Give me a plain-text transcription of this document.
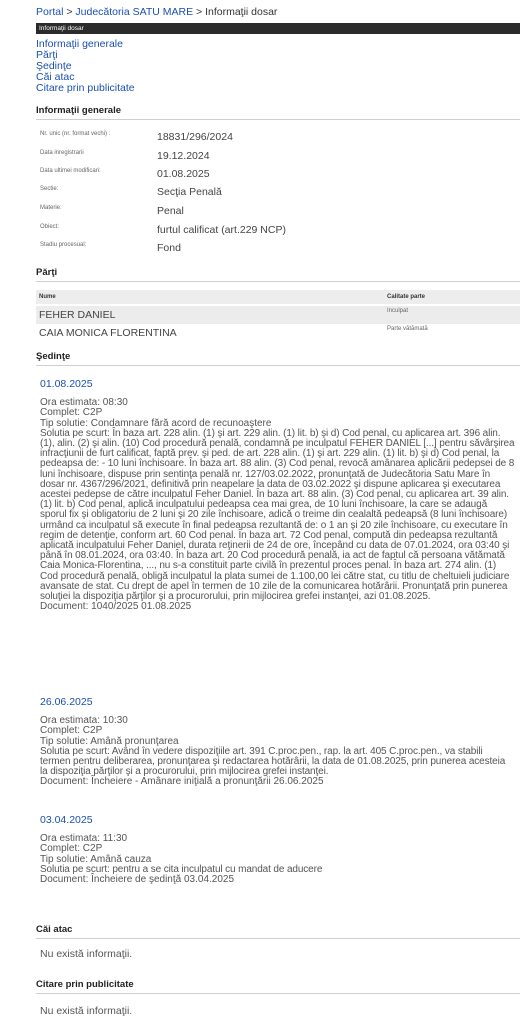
Portal > Judecătoria SATU MARE > Informaţii dosar
Informaţii dosar
Informaţii generale
Părţi
Şedinţe
Căi atac
Citare prin publicitate
Informaţii generale
Nr. unic (nr. format vechi) :	18831/296/2024
Data inregistrarii	19.12.2024
Data ultimei modificari:	01.08.2025
Sectie:	Secţia Penală
Materie:	Penal
Obiect:	furtul calificat (art.229 NCP)
Stadiu procesual:	Fond
Părţi
Nume	Calitate parte
FEHER DANIEL	Inculpat
CAIA MONICA FLORENTINA	Parte vătămată
Şedinţe
01.08.2025
Ora estimata: 08:30
Complet: C2P
Tip solutie: Condamnare fără acord de recunoaştere
Solutia pe scurt: În baza art. 228 alin. (1) şi art. 229 alin. (1) lit. b) şi d) Cod penal, cu aplicarea art. 396 alin. (1), alin. (2) şi alin. (10) Cod procedură penală, condamnă pe inculpatul FEHER DANIEL [...] pentru săvârşirea infracţiunii de furt calificat, faptă prev. şi ped. de art. 228 alin. (1) şi art. 229 alin. (1) lit. b) şi d) Cod penal, la pedeapsa de: - 10 luni închisoare. În baza art. 88 alin. (3) Cod penal, revocă amânarea aplicării pedepsei de 8 luni închisoare, dispuse prin sentinţa penală nr. 127/03.02.2022, pronunţată de Judecătoria Satu Mare în dosar nr. 4367/296/2021, definitivă prin neapelare la data de 03.02.2022 şi dispune aplicarea şi executarea acestei pedepse de către inculpatul Feher Daniel. În baza art. 88 alin. (3) Cod penal, cu aplicarea art. 39 alin. (1) lit. b) Cod penal, aplică inculpatului pedeapsa cea mai grea, de 10 luni închisoare, la care se adaugă sporul fix şi obligatoriu de 2 luni şi 20 zile închisoare, adică o treime din cealaltă pedeapsă (8 luni închisoare) urmând ca inculpatul să execute în final pedeapsa rezultantă de: o 1 an şi 20 zile închisoare, cu executare în regim de detenţie, conform art. 60 Cod penal. În baza art. 72 Cod penal, compută din pedeapsa rezultantă aplicată inculpatului Feher Daniel, durata reţinerii de 24 de ore, începând cu data de 07.01.2024, ora 03:40 şi până în 08.01.2024, ora 03:40. În baza art. 20 Cod procedură penală, ia act de faptul că persoana vătămată Caia Monica-Florentina, ..., nu s-a constituit parte civilă în prezentul proces penal. În baza art. 274 alin. (1) Cod procedură penală, obligă inculpatul la plata sumei de 1.100,00 lei către stat, cu titlu de cheltuieli judiciare avansate de stat. Cu drept de apel în termen de 10 zile de la comunicarea hotărârii. Pronunţată prin punerea soluţiei la dispoziţia părţilor şi a procurorului, prin mijlocirea grefei instanţei, azi 01.08.2025.
Document: 1040/2025 01.08.2025
26.06.2025
Ora estimata: 10:30
Complet: C2P
Tip solutie: Amână pronunţarea
Solutia pe scurt: Având în vedere dispoziţiile art. 391 C.proc.pen., rap. la art. 405 C.proc.pen., va stabili termen pentru deliberarea, pronunţarea şi redactarea hotărârii, la data de 01.08.2025, prin punerea acesteia la dispoziţia părţilor şi a procurorului, prin mijlocirea grefei instanţei.
Document: Încheiere - Amânare iniţială a pronunţării 26.06.2025
03.04.2025
Ora estimata: 11:30
Complet: C2P
Tip solutie: Amână cauza
Solutia pe scurt: pentru a se cita inculpatul cu mandat de aducere
Document: Încheiere de şedinţă 03.04.2025
Căi atac
Nu există informaţii.
Citare prin publicitate
Nu există informaţii.
